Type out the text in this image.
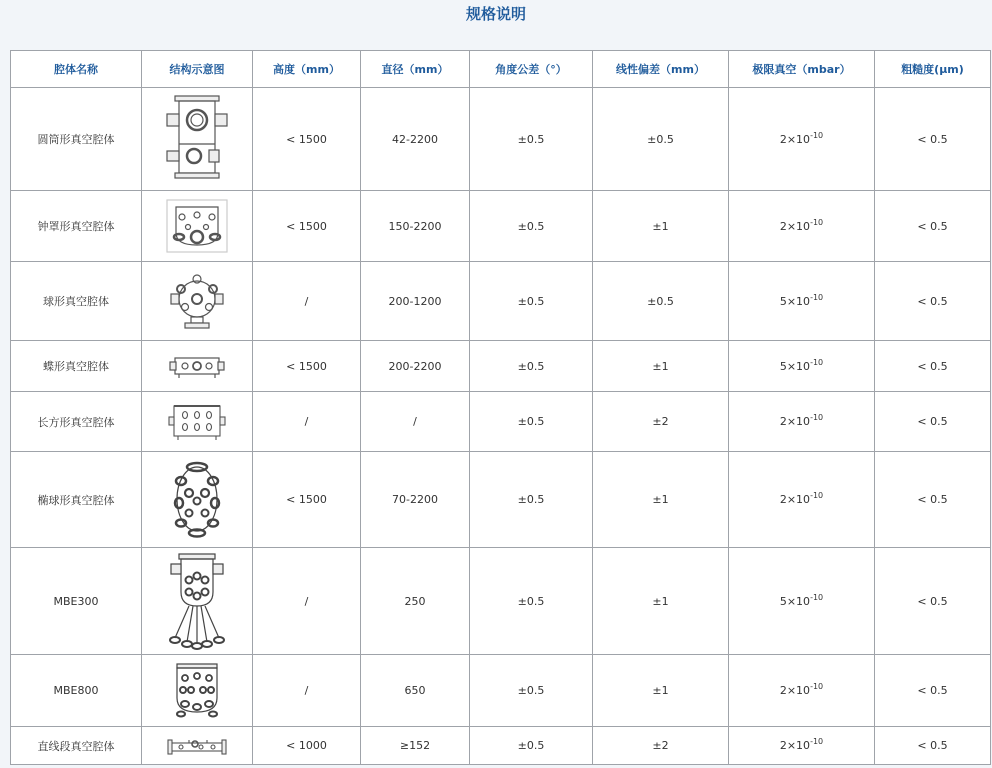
规格说明
腔体名称	结构示意图	高度（mm）	直径（mm）	角度公差（°）	线性偏差（mm）	极限真空（mbar）	粗糙度(μm)
圆筒形真空腔体		< 1500	42-2200	±0.5	±0.5	$2\times 10^{-10}$	< 0.5
钟罩形真空腔体		< 1500	150-2200	±0.5	±1	$2\times 10^{-10}$	< 0.5
球形真空腔体		/	200-1200	±0.5	±0.5	$5\times 10^{-10}$	< 0.5
蝶形真空腔体		< 1500	200-2200	±0.5	±1	$5\times 10^{-10}$	< 0.5
长方形真空腔体		/	/	±0.5	±2	$2\times 10^{-10}$	< 0.5
椭球形真空腔体		< 1500	70-2200	±0.5	±1	$2\times 10^{-10}$	< 0.5
MBE300		/	250	±0.5	±1	$5\times 10^{-10}$	< 0.5
MBE800		/	650	±0.5	±1	$2\times 10^{-10}$	< 0.5
直线段真空腔体		< 1000	≥152	±0.5	±2	$2\times 10^{-10}$	< 0.5
